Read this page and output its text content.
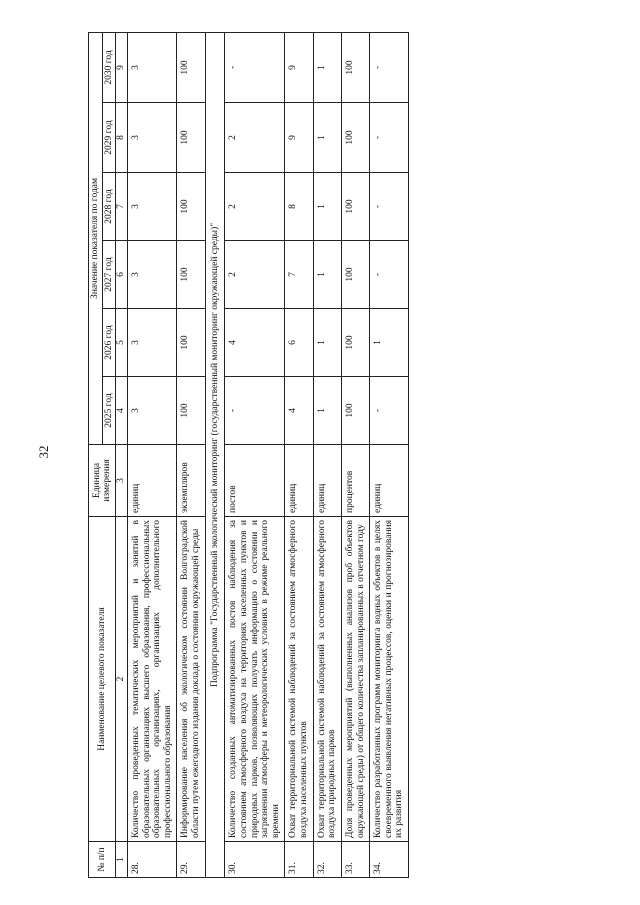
32
№ п/п	Наименование целевого показателя	Единица измерения	Значение показателя по годам					
			2025 год	2026 год	2027 год	2028 год	2029 год	2030 год
1	2	3	4	5	6	7	8	9
28.	Количество проведенных тематических мероприятий и занятий в образовательных организациях высшего образования, профессиональных образовательных организациях, организациях дополнительного профессионального образования	единиц	3	3	3	3	3	3
29.	Информирование населения об экологическом состоянии Волгоградской области путем ежегодного издания доклада о состоянии окружающей среды	экземпляров	100	100	100	100	100	100
Подпрограмма "Государственный экологический мониторинг (государственный мониторинг окружающей среды)"								
30.	Количество созданных автоматизированных постов наблюдения за состоянием атмосферного воздуха на территориях населенных пунктов и природных парков, позволяющих получать информацию о состоянии и загрязнении атмосферы и метеорологических условиях в режиме реального времени	постов	-	4	2	2	2	-
31.	Охват территориальной системой наблюдений за состоянием атмосферного воздуха населенных пунктов	единиц	4	6	7	8	9	9
32.	Охват территориальной системой наблюдений за состоянием атмосферного воздуха природных парков	единиц	1	1	1	1	1	1
33.	Доля проведенных мероприятий (выполненных анализов проб объектов окружающей среды) от общего количества запланированных в отчетном году	процентов	100	100	100	100	100	100
34.	Количество разработанных программ мониторинга водных объектов в целях своевременного выявления негативных процессов, оценки и прогнозирования их развития	единиц	-	1	-	-	-	-
